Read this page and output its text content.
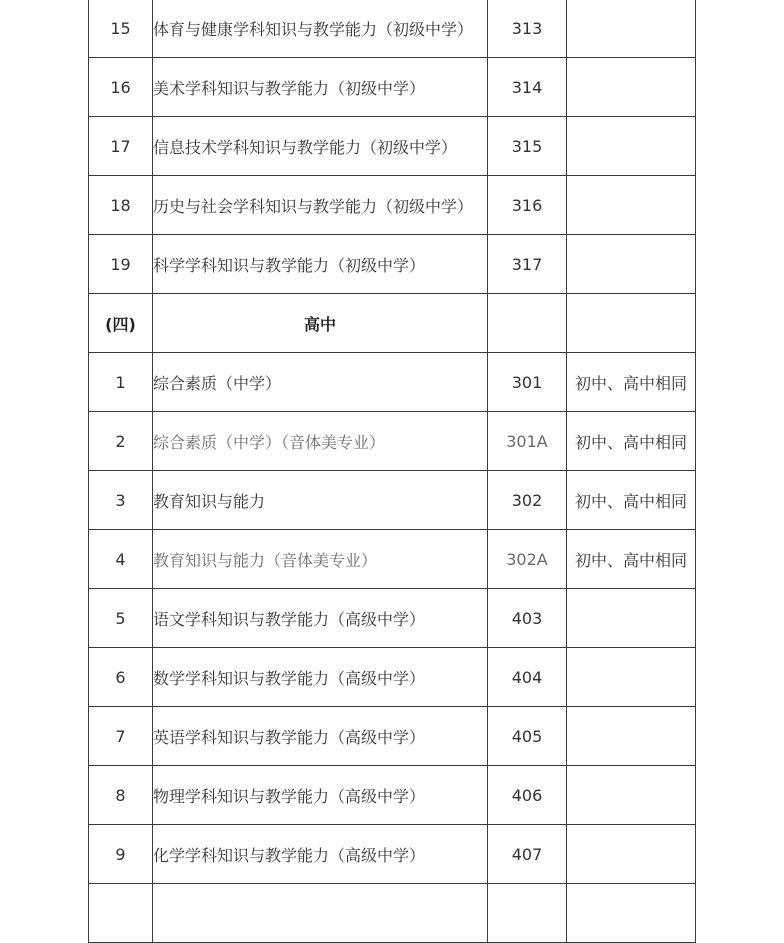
15	体育与健康学科知识与教学能力（初级中学）	313	
16	美术学科知识与教学能力（初级中学）	314	
17	信息技术学科知识与教学能力（初级中学）	315	
18	历史与社会学科知识与教学能力（初级中学）	316	
19	科学学科知识与教学能力（初级中学）	317	
(四)	高中		
1	综合素质（中学）	301	初中、高中相同
2	综合素质（中学）（音体美专业）	301A	初中、高中相同
3	教育知识与能力	302	初中、高中相同
4	教育知识与能力（音体美专业）	302A	初中、高中相同
5	语文学科知识与教学能力（高级中学）	403	
6	数学学科知识与教学能力（高级中学）	404	
7	英语学科知识与教学能力（高级中学）	405	
8	物理学科知识与教学能力（高级中学）	406	
9	化学学科知识与教学能力（高级中学）	407	
